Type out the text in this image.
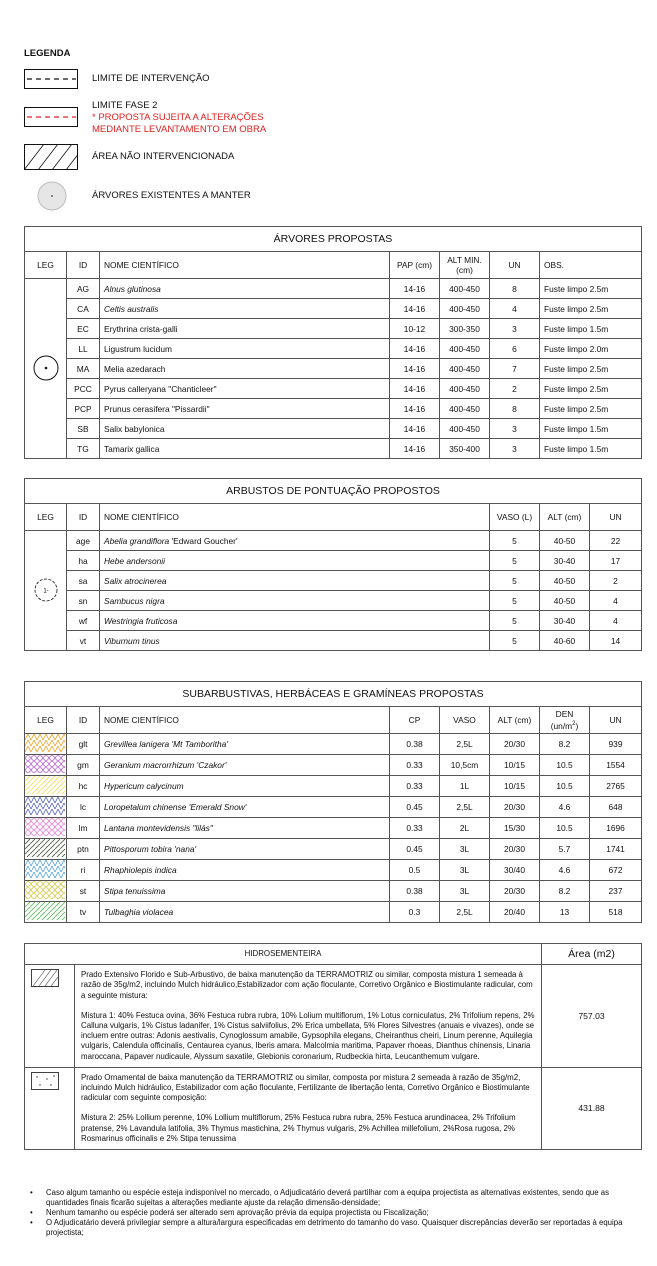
LEGENDA
LIMITE DE INTERVENÇÃO
LIMITE FASE 2
* PROPOSTA SUJEITA A ALTERAÇÕES
MEDIANTE LEVANTAMENTO EM OBRA
ÁREA NÃO INTERVENCIONADA
ÁRVORES EXISTENTES A MANTER
ÁRVORES PROPOSTAS						
LEG	ID	NOME CIENTÍFICO	PAP (cm)	ALT MIN. (cm)	UN	OBS.
	AG	Alnus glutinosa	14-16	400-450	8	Fuste limpo 2.5m
	CA	Celtis australis	14-16	400-450	4	Fuste limpo 2.5m
	EC	Erythrina crista-galli	10-12	300-350	3	Fuste limpo 1.5m
	LL	Ligustrum lucidum	14-16	400-450	6	Fuste limpo 2.0m
	MA	Melia azedarach	14-16	400-450	7	Fuste limpo 2.5m
	PCC	Pyrus calleryana "Chanticleer"	14-16	400-450	2	Fuste limpo 2.5m
	PCP	Prunus cerasifera "Pissardii"	14-16	400-450	8	Fuste limpo 2.5m
	SB	Salix babylonica	14-16	400-450	3	Fuste limpo 1.5m
	TG	Tamarix gallica	14-16	350-400	3	Fuste limpo 1.5m
ARBUSTOS DE PONTUAÇÃO PROPOSTOS					
LEG	ID	NOME CIENTÍFICO	VASO (L)	ALT (cm)	UN

1-	age	Abelia grandiflora 'Edward Goucher'	5	40-50	22
	ha	Hebe andersonii	5	30-40	17
	sa	Salix atrocinerea	5	40-50	2
	sn	Sambucus nigra	5	40-50	4
	wf	Westringia fruticosa	5	30-40	4
	vt	Viburnum tinus	5	40-60	14
SUBARBUSTIVAS, HERBÁCEAS E GRAMÍNEAS PROPOSTAS							
LEG	ID	NOME CIENTÍFICO	CP	VASO	ALT (cm)	DEN $(un/m^2)$	UN
	glt	Grevillea lanigera 'Mt Tamboritha'	0.38	2,5L	20/30	8.2	939
	gm	Geranium macrorrhizum 'Czakor'	0.33	10,5cm	10/15	10.5	1554
	hc	Hypericum calycinum	0.33	1L	10/15	10.5	2765
	lc	Loropetalum chinense 'Emerald Snow'	0.45	2,5L	20/30	4.6	648
	lm	Lantana montevidensis "lilás"	0.33	2L	15/30	10.5	1696
	ptn	Pittosporum tobira 'nana'	0.45	3L	20/30	5.7	1741
	ri	Rhaphiolepis indica	0.5	3L	30/40	4.6	672
	st	Stipa tenuissima	0.38	3L	20/30	8.2	237
	tv	Tulbaghia violacea	0.3	2,5L	20/40	13	518
HIDROSEMENTEIRA		Área (m2)

Prado Extensivo Florido e Sub-Arbustivo, de baixa manutenção da TERRAMOTRIZ ou similar, composta mistura 1 semeada à razão de 35g/m2, incluindo Mulch hidráulico,Estabilizador com ação floculante, Corretivo Orgânico e Biostimulante radicular, com a seguinte mistura:
Mistura 1: 40% Festuca ovina, 36% Festuca rubra rubra, 10% Lolium multiflorum, 1% Lotus corniculatus, 2% Trifolium repens, 2% Calluna vulgaris, 1% Cistus ladanifer, 1% Cistus salviifolius, 2% Erica umbellata, 5% Flores Silvestres (anuais e vivazes), onde se incluem entre outras: Adonis aestivalis, Cynoglossum amabile, Gypsophila elegans, Cheiranthus cheiri, Linum perenne, Aquilegia vulgaris, Calendula officinalis, Centaurea cyanus, Iberis amara. Malcolmia maritima, Papaver rhoeas, Dianthus chinensis, Linaria maroccana, Papaver nudicaule, Alyssum saxatile, Glebionis coronarium, Rudbeckia hirta, Leucanthemum vulgare.	757.03

Prado Ornamental de baixa manutenção da TERRAMOTRIZ ou similar, composta por mistura 2 semeada à razão de 35g/m2, incluindo Mulch hidráulico, Estabilizador com ação floculante, Fertilizante de libertação lenta, Corretivo Orgânico e Biostimulante radicular com seguinte composição:
Mistura 2: 25% Lollium perenne, 10% Lollium multiflorum, 25% Festuca rubra rubra, 25% Festuca arundinacea, 2% Trifolium pratense, 2% Lavandula latifolia, 3% Thymus mastichina, 2% Thymus vulgaris, 2% Achillea millefolium, 2%Rosa rugosa, 2% Rosmarinus officinalis e 2% Stipa tenussima	431.88
• Caso algum tamanho ou espécie esteja indisponível no mercado, o Adjudicatário deverá partilhar com a equipa projectista as alternativas existentes, sendo que as quantidades finais ficarão sujeitas a alterações mediante ajuste da relação dimensão-densidade;
• Nenhum tamanho ou espécie poderá ser alterado sem aprovação prévia da equipa projectista ou Fiscalização;
• O Adjudicatário deverá privilegiar sempre a altura/largura especificadas em detrimento do tamanho do vaso. Quaisquer discrepâncias deverão ser reportadas à equipa projectista;
